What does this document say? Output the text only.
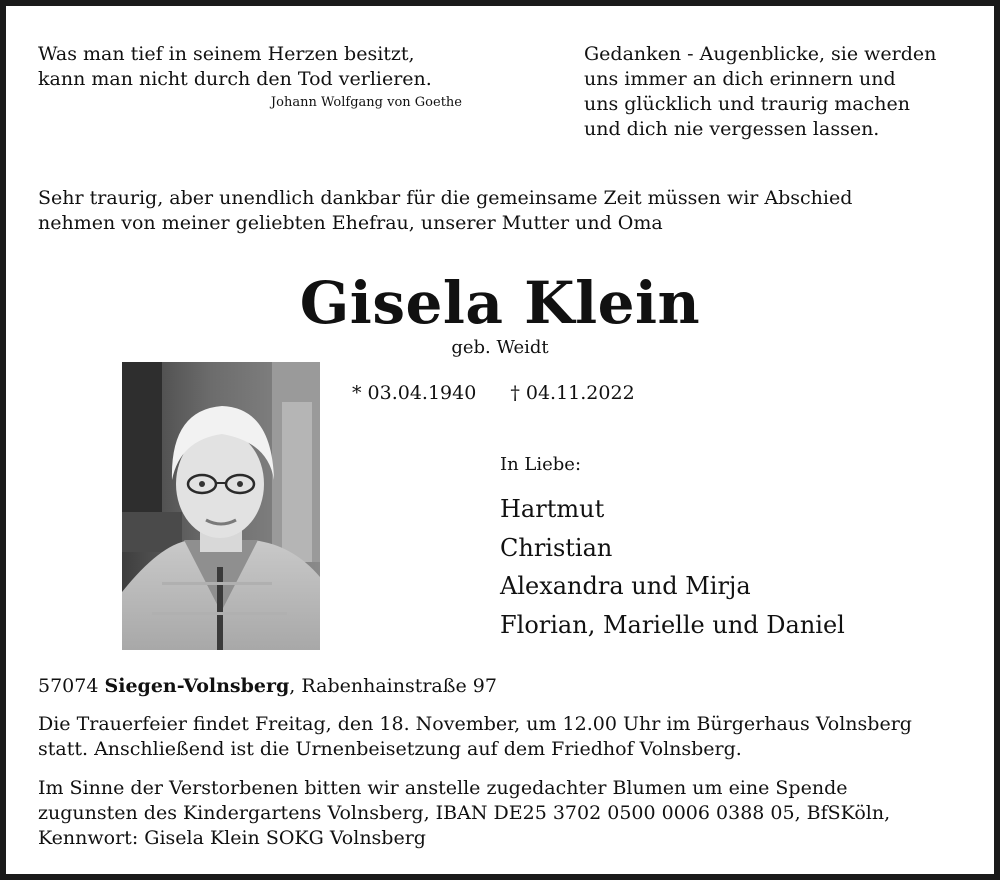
Was man tief in seinem Herzen besitzt,
kann man nicht durch den Tod verlieren.
Johann Wolfgang von Goethe
Gedanken - Augenblicke, sie werden
uns immer an dich erinnern und
uns glücklich und traurig machen
und dich nie vergessen lassen.
Sehr traurig, aber unendlich dankbar für die gemeinsame Zeit müssen wir Abschied
nehmen von meiner geliebten Ehefrau, unserer Mutter und Oma
Gisela Klein
geb. Weidt
* 03.04.1940 † 04.11.2022
In Liebe:
Hartmut
Christian
Alexandra und Mirja
Florian, Marielle und Daniel
57074 Siegen-Volnsberg, Rabenhainstraße 97
Die Trauerfeier findet Freitag, den 18. November, um 12.00 Uhr im Bürgerhaus Volnsberg
statt. Anschließend ist die Urnenbeisetzung auf dem Friedhof Volnsberg.
Im Sinne der Verstorbenen bitten wir anstelle zugedachter Blumen um eine Spende
zugunsten des Kindergartens Volnsberg, IBAN DE25 3702 0500 0006 0388 05, BfSKöln,
Kennwort: Gisela Klein SOKG Volnsberg
